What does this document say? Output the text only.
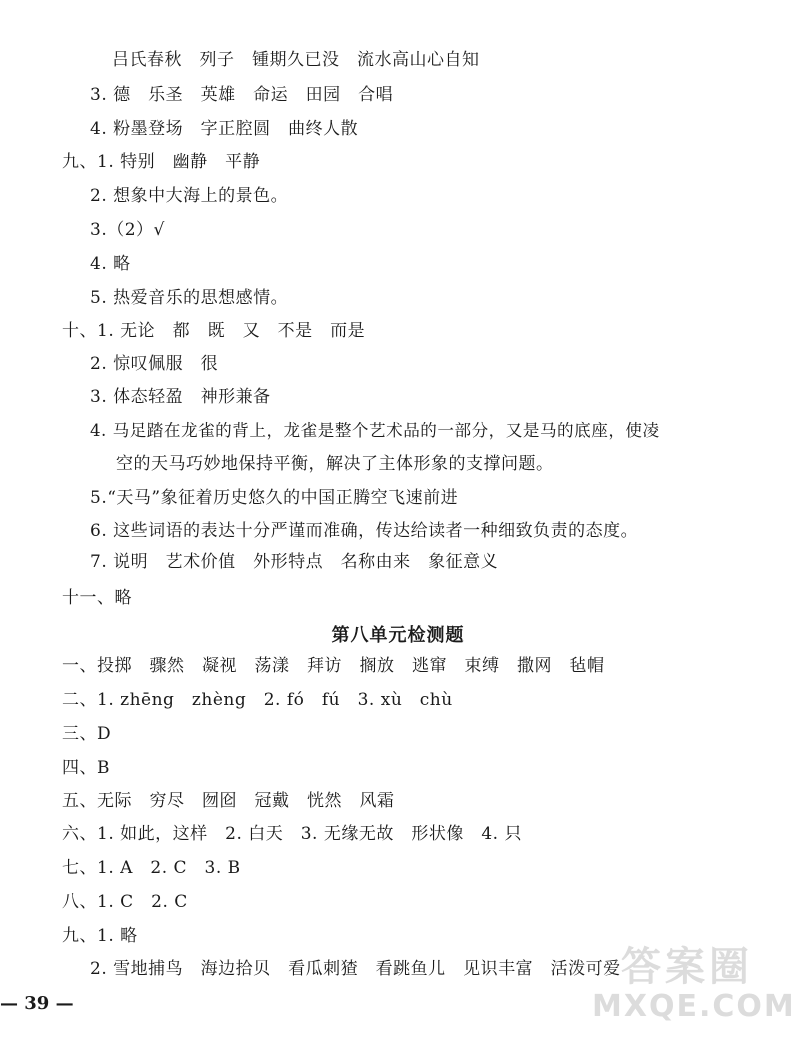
吕氏春秋　列子　锺期久已没　流水高山心自知
3. 德　乐圣　英雄　命运　田园　合唱
4. 粉墨登场　字正腔圆　曲终人散
九、1. 特别　幽静　平静
2. 想象中大海上的景色。
3.（2）√
4. 略
5. 热爱音乐的思想感情。
十、1. 无论　都　既　又　不是　而是
2. 惊叹佩服　很
3. 体态轻盈　神形兼备
4. 马足踏在龙雀的背上，龙雀是整个艺术品的一部分，又是马的底座，使凌
空的天马巧妙地保持平衡，解决了主体形象的支撑问题。
5.“天马”象征着历史悠久的中国正腾空飞速前进
6. 这些词语的表达十分严谨而准确，传达给读者一种细致负责的态度。
7. 说明　艺术价值　外形特点　名称由来　象征意义
十一、略
第八单元检测题
一、投掷　骤然　凝视　荡漾　拜访　搁放　逃窜　束缚　撒网　毡帽
二、1. zhēng　zhèng　2. fó　fú　3. xù　chù
三、D
四、B
五、无际　穷尽　囫囵　冠戴　恍然　风霜
六、1. 如此，这样　2. 白天　3. 无缘无故　形状像　4. 只
七、1. A　2. C　3. B
八、1. C　2. C
九、1. 略
2. 雪地捕鸟　海边拾贝　看瓜刺猹　看跳鱼儿　见识丰富　活泼可爱
— 39 —
答案圈
MXQE.COM
